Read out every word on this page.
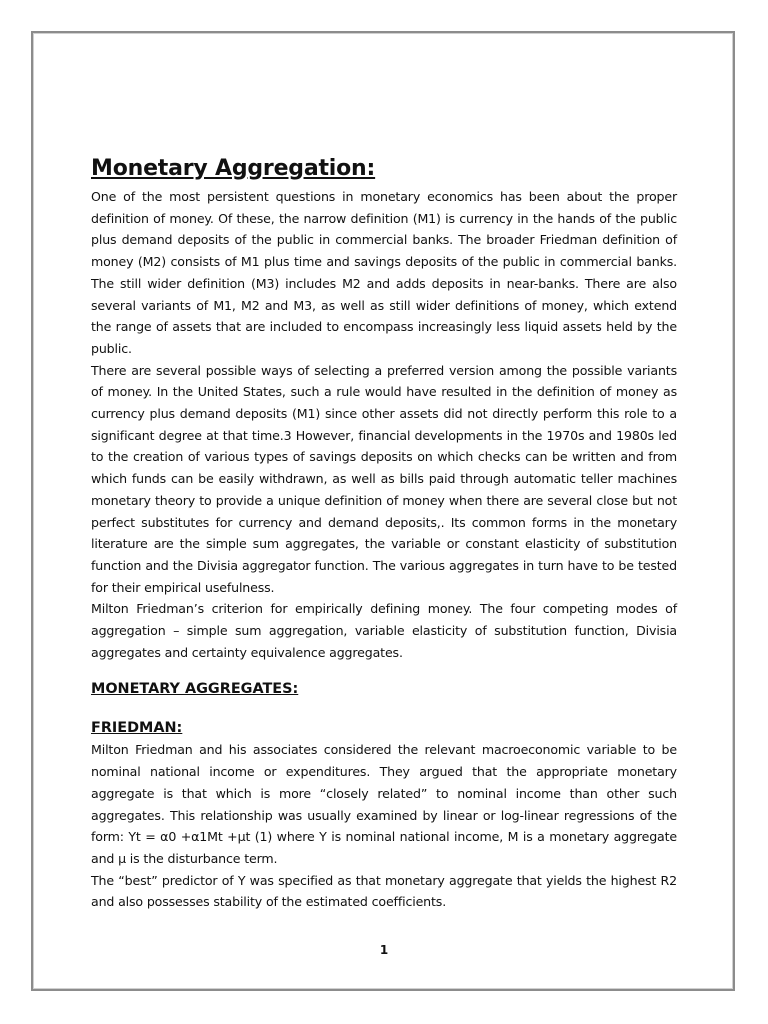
Monetary Aggregation:

One of the most persistent questions in monetary economics has been about the proper definition of money. Of these, the narrow definition (M1) is currency in the hands of the public plus demand deposits of the public in commercial banks. The broader Friedman definition of money (M2) consists of M1 plus time and savings deposits of the public in commercial banks. The still wider definition (M3) includes M2 and adds deposits in near-banks. There are also several variants of M1, M2 and M3, as well as still wider definitions of money, which extend the range of assets that are included to encompass increasingly less liquid assets held by the public.

There are several possible ways of selecting a preferred version among the possible variants of money. In the United States, such a rule would have resulted in the definition of money as currency plus demand deposits (M1) since other assets did not directly perform this role to a significant degree at that time.3 However, financial developments in the 1970s and 1980s led to the creation of various types of savings deposits on which checks can be written and from which funds can be easily withdrawn, as well as bills paid through automatic teller machines monetary theory to provide a unique definition of money when there are several close but not perfect substitutes for currency and demand deposits,. Its common forms in the monetary literature are the simple sum aggregates, the variable or constant elasticity of substitution function and the Divisia aggregator function. The various aggregates in turn have to be tested for their empirical usefulness.

Milton Friedman’s criterion for empirically defining money. The four competing modes of aggregation – simple sum aggregation, variable elasticity of substitution function, Divisia aggregates and certainty equivalence aggregates.

MONETARY AGGREGATES:
FRIEDMAN:

Milton Friedman and his associates considered the relevant macroeconomic variable to be nominal national income or expenditures. They argued that the appropriate monetary aggregate is that which is more “closely related” to nominal income than other such aggregates. This relationship was usually examined by linear or log-linear regressions of the form: Yt = α0 +α1Mt +µt (1) where Y is nominal national income, M is a monetary aggregate and µ is the disturbance term.

The “best” predictor of Y was specified as that monetary aggregate that yields the highest R2 and also possesses stability of the estimated coefficients.

1
